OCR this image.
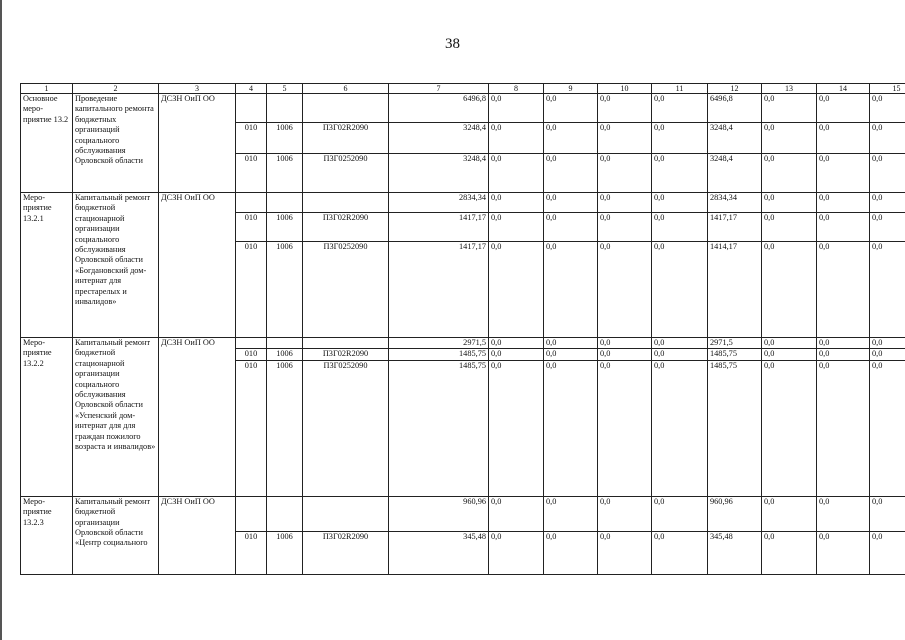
38
1	2	3	4	5	6	7	8	9	10	11	12	13	14	15
Основное меро-приятие 13.2	Проведение капитального ремонта бюджетных организаций социального обслуживания Орловской области	ДСЗН ОиП ОО				6496,8	0,0	0,0	0,0	0,0	6496,8	0,0	0,0	0,0
			010	1006	П3Г02R2090	3248,4	0,0	0,0	0,0	0,0	3248,4	0,0	0,0	0,0
			010	1006	П3Г0252090	3248,4	0,0	0,0	0,0	0,0	3248,4	0,0	0,0	0,0
Меро-приятие 13.2.1	Капитальный ремонт бюджетной стационарной организации социального обслуживания Орловской области «Богдановский дом-интернат для престарелых и инвалидов»	ДСЗН ОиП ОО				2834,34	0,0	0,0	0,0	0,0	2834,34	0,0	0,0	0,0
			010	1006	П3Г02R2090	1417,17	0,0	0,0	0,0	0,0	1417,17	0,0	0,0	0,0
			010	1006	П3Г0252090	1417,17	0,0	0,0	0,0	0,0	1414,17	0,0	0,0	0,0
Меро-приятие 13.2.2	Капитальный ремонт бюджетной стационарной организации социального обслуживания Орловской области «Успенский дом-интернат для для граждан пожилого возраста и инвалидов»	ДСЗН ОиП ОО				2971,5	0,0	0,0	0,0	0,0	2971,5	0,0	0,0	0,0
			010	1006	П3Г02R2090	1485,75	0,0	0,0	0,0	0,0	1485,75	0,0	0,0	0,0
			010	1006	П3Г0252090	1485,75	0,0	0,0	0,0	0,0	1485,75	0,0	0,0	0,0
Меро-приятие 13.2.3	Капитальный ремонт бюджетной организации Орловской области «Центр социального	ДСЗН ОиП ОО				960,96	0,0	0,0	0,0	0,0	960,96	0,0	0,0	0,0
			010	1006	П3Г02R2090	345,48	0,0	0,0	0,0	0,0	345,48	0,0	0,0	0,0
